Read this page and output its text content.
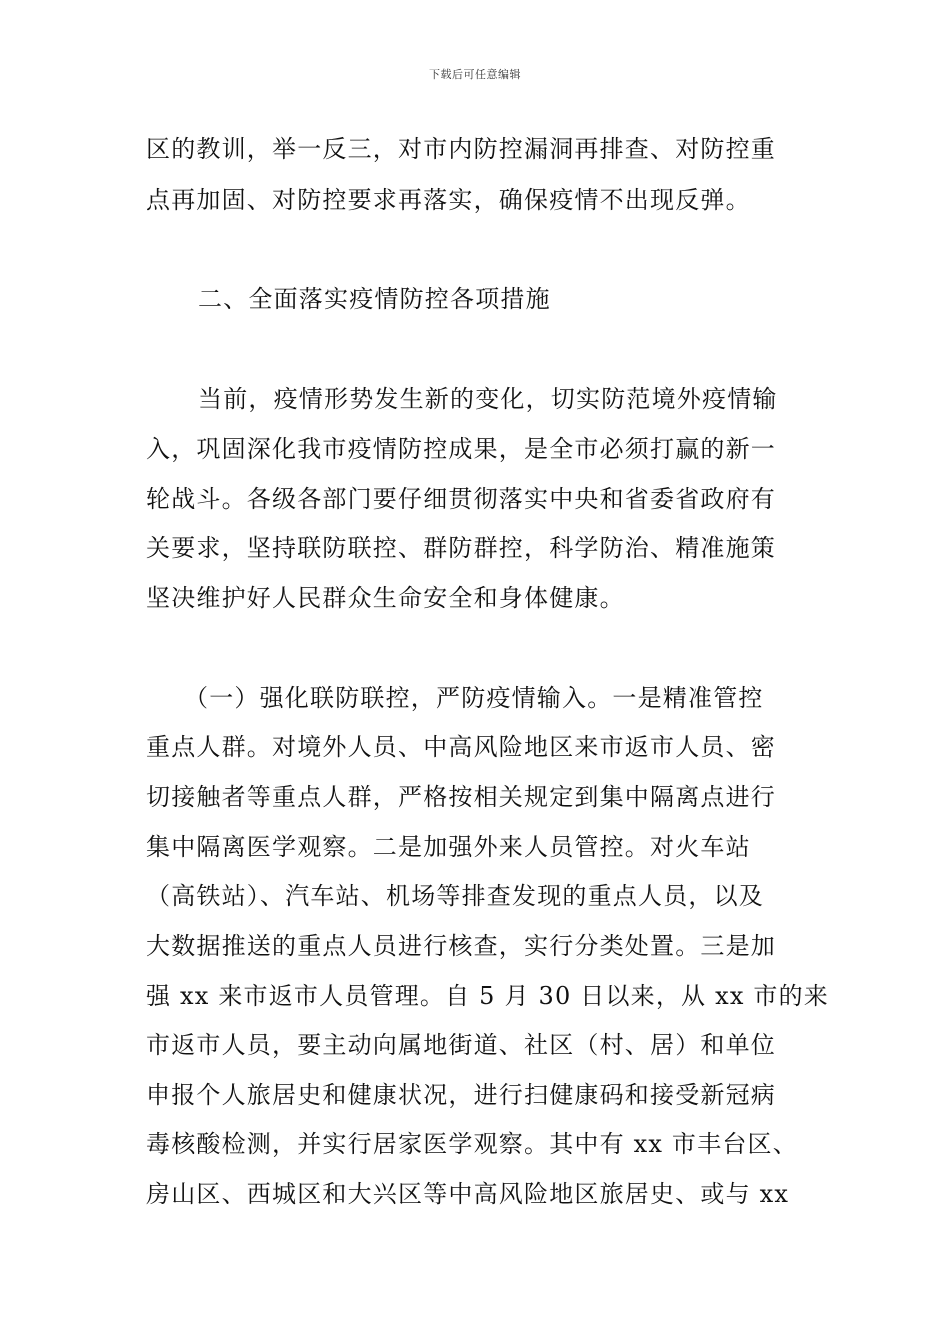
下载后可任意编辑
区的教训，举一反三，对市内防控漏洞再排查、对防控重
点再加固、对防控要求再落实，确保疫情不出现反弹。
二、全面落实疫情防控各项措施
当前，疫情形势发生新的变化，切实防范境外疫情输
入，巩固深化我市疫情防控成果，是全市必须打赢的新一
轮战斗。各级各部门要仔细贯彻落实中央和省委省政府有
关要求，坚持联防联控、群防群控，科学防治、精准施策
坚决维护好人民群众生命安全和身体健康。
（一）强化联防联控，严防疫情输入。一是精准管控
重点人群。对境外人员、中高风险地区来市返市人员、密
切接触者等重点人群，严格按相关规定到集中隔离点进行
集中隔离医学观察。二是加强外来人员管控。对火车站
（高铁站）、汽车站、机场等排查发现的重点人员，以及
大数据推送的重点人员进行核查，实行分类处置。三是加
强 xx 来市返市人员管理。自 5 月 30 日以来，从 xx 市的来
市返市人员，要主动向属地街道、社区（村、居）和单位
申报个人旅居史和健康状况，进行扫健康码和接受新冠病
毒核酸检测，并实行居家医学观察。其中有 xx 市丰台区、
房山区、西城区和大兴区等中高风险地区旅居史、或与 xx
